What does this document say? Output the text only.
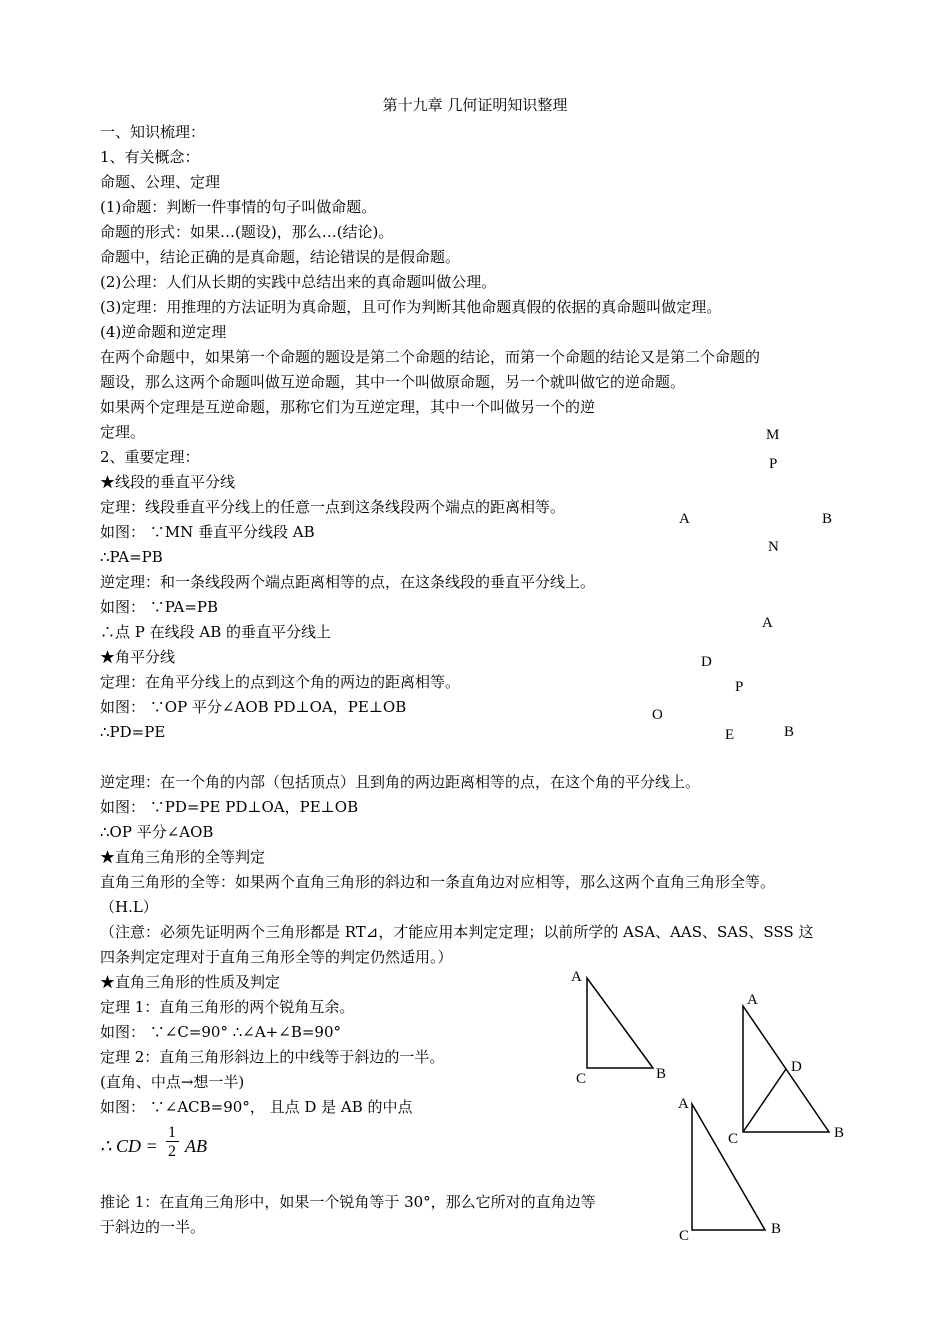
第十九章 几何证明知识整理
一、知识梳理：
1、有关概念：
命题、公理、定理
(1)命题：判断一件事情的句子叫做命题。
命题的形式：如果…(题设)，那么…(结论)。
命题中，结论正确的是真命题，结论错误的是假命题。
(2)公理：人们从长期的实践中总结出来的真命题叫做公理。
(3)定理：用推理的方法证明为真命题，且可作为判断其他命题真假的依据的真命题叫做定理。
(4)逆命题和逆定理
在两个命题中，如果第一个命题的题设是第二个命题的结论，而第一个命题的结论又是第二个命题的
题设，那么这两个命题叫做互逆命题，其中一个叫做原命题，另一个就叫做它的逆命题。
如果两个定理是互逆命题，那称它们为互逆定理，其中一个叫做另一个的逆
定理。
2、重要定理：
★线段的垂直平分线
定理：线段垂直平分线上的任意一点到这条线段两个端点的距离相等。
如图： ∵MN 垂直平分线段 AB
∴PA=PB
逆定理：和一条线段两个端点距离相等的点，在这条线段的垂直平分线上。
如图： ∵PA=PB
∴点 P 在线段 AB 的垂直平分线上
★角平分线
定理：在角平分线上的点到这个角的两边的距离相等。
如图： ∵OP 平分∠AOB PD⊥OA，PE⊥OB
∴PD=PE
逆定理：在一个角的内部（包括顶点）且到角的两边距离相等的点，在这个角的平分线上。
如图： ∵PD=PE PD⊥OA，PE⊥OB
∴OP 平分∠AOB
★直角三角形的全等判定
直角三角形的全等：如果两个直角三角形的斜边和一条直角边对应相等，那么这两个直角三角形全等。
（H.L）
（注意：必须先证明两个三角形都是 RT⊿，才能应用本判定定理；以前所学的 ASA、AAS、SAS、SSS 这
四条判定定理对于直角三角形全等的判定仍然适用。）
★直角三角形的性质及判定
定理 1：直角三角形的两个锐角互余。
如图： ∵∠C=90° ∴∠A+∠B=90°
定理 2：直角三角形斜边上的中线等于斜边的一半。
(直角、中点→想一半)
如图： ∵∠ACB=90°， 且点 D 是 AB 的中点
∴ CD =
1
2 AB
推论 1：在直角三角形中，如果一个锐角等于 30°，那么它所对的直角边等
于斜边的一半。
M
P
A	B
N
A
D
P
O
E	B
A
C	B
A
D
C	B
A
C	B
